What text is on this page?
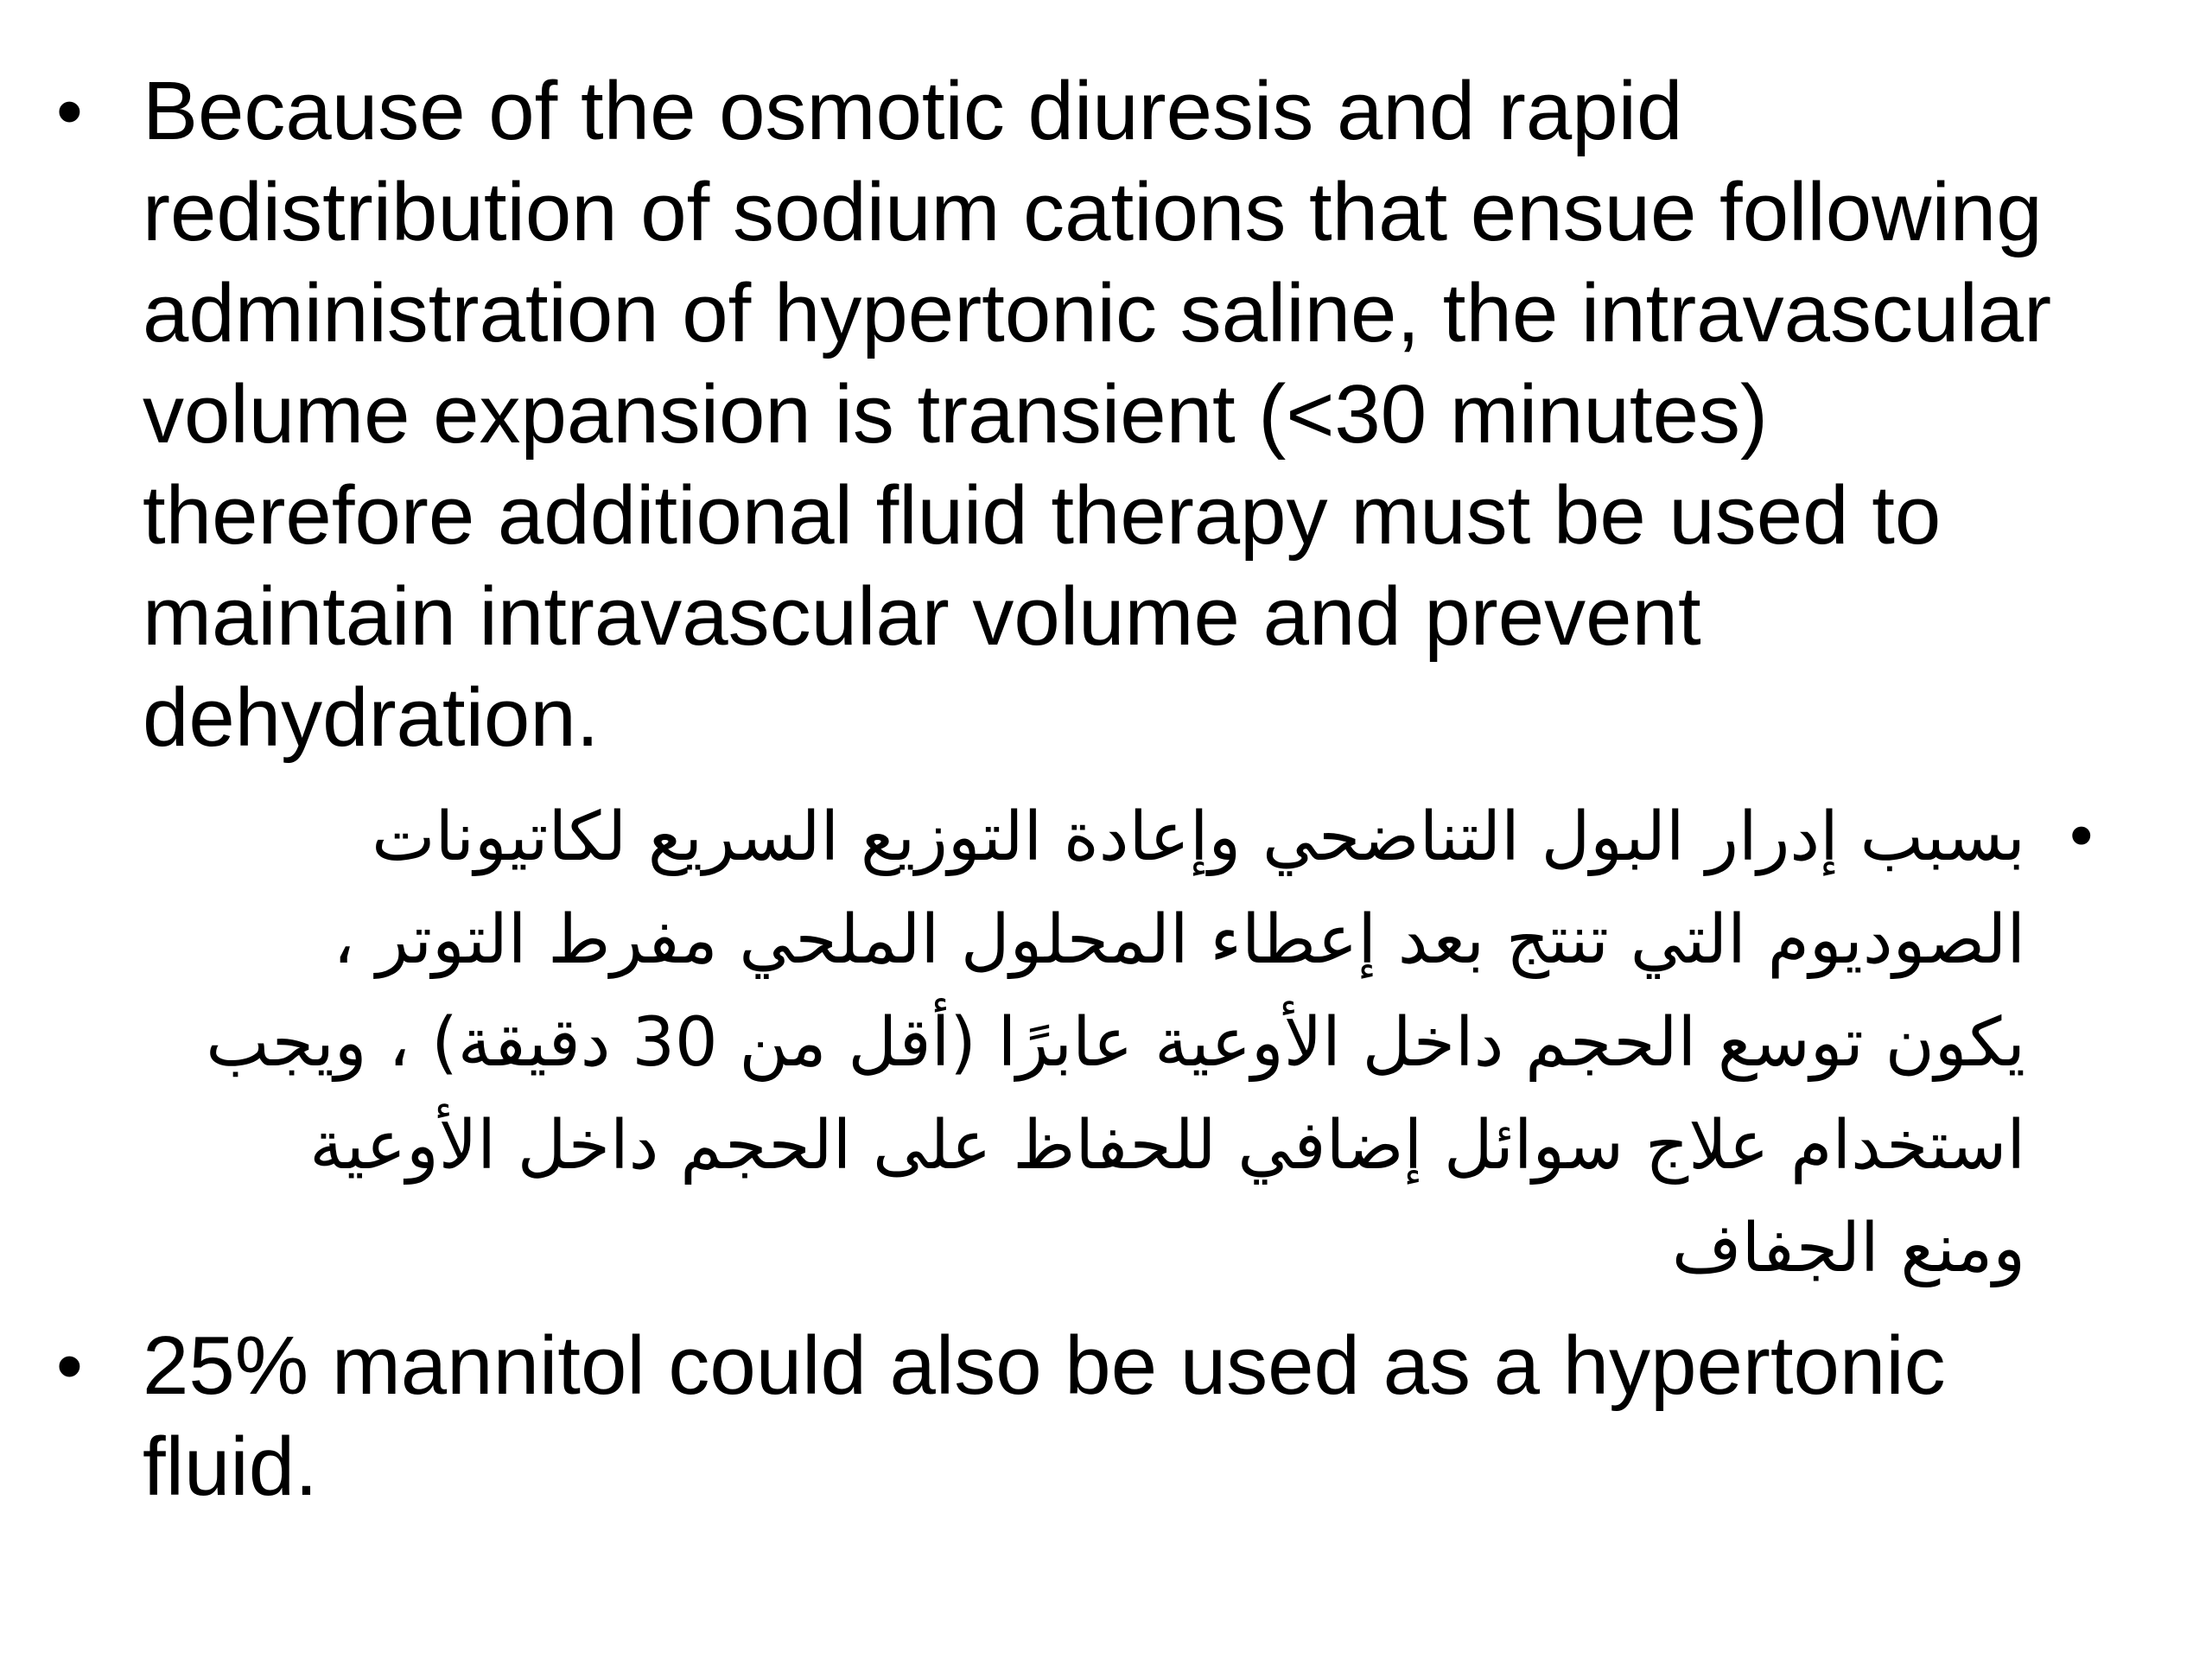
• Because of the osmotic diuresis and rapid redistribution of sodium cations that ensue following administration of hypertonic saline, the intravascular volume expansion is transient (<30 minutes) therefore additional fluid therapy must be used to maintain intravascular volume and prevent dehydration.
•
بسبب إدرار البول التناضحي وإعادة التوزيع السريع لكاتيونات الصوديوم التي تنتج بعد إعطاء المحلول الملحي مفرط التوتر ، يكون توسع الحجم داخل الأوعية عابرًا (أقل من 30 دقيقة) ، ويجب استخدام علاج سوائل إضافي للحفاظ على الحجم داخل الأوعية ومنع الجفاف
• 25% mannitol could also be used as a hypertonic fluid.
